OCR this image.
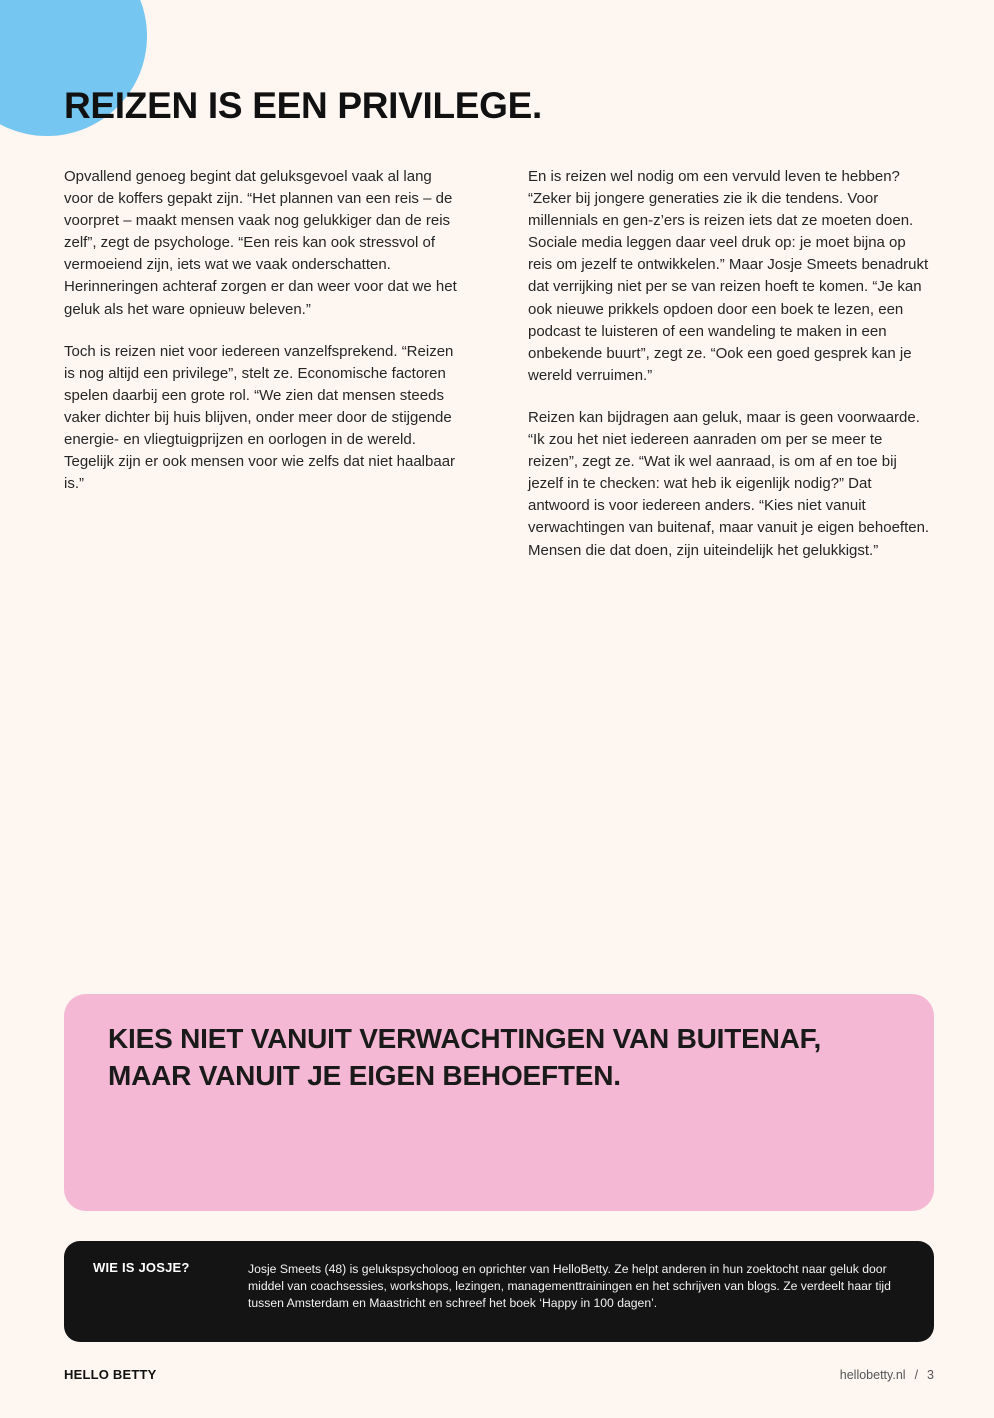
REIZEN IS EEN PRIVILEGE.

Opvallend genoeg begint dat geluksgevoel vaak al lang voor de koffers gepakt zijn. “Het plannen van een reis – de voorpret – maakt mensen vaak nog gelukkiger dan de reis zelf”, zegt de psychologe. “Een reis kan ook stressvol of vermoeiend zijn, iets wat we vaak onderschatten. Herinneringen achteraf zorgen er dan weer voor dat we het geluk als het ware opnieuw beleven.”

Toch is reizen niet voor iedereen vanzelfsprekend. “Reizen is nog altijd een privilege”, stelt ze. Economische factoren spelen daarbij een grote rol. “We zien dat mensen steeds vaker dichter bij huis blijven, onder meer door de stijgende energie- en vliegtuigprijzen en oorlogen in de wereld. Tegelijk zijn er ook mensen voor wie zelfs dat niet haalbaar is.”

En is reizen wel nodig om een vervuld leven te hebben? “Zeker bij jongere generaties zie ik die tendens. Voor millennials en gen-z’ers is reizen iets dat ze moeten doen. Sociale media leggen daar veel druk op: je moet bijna op reis om jezelf te ontwikkelen.” Maar Josje Smeets benadrukt dat verrijking niet per se van reizen hoeft te komen. “Je kan ook nieuwe prikkels opdoen door een boek te lezen, een podcast te luisteren of een wandeling te maken in een onbekende buurt”, zegt ze. “Ook een goed gesprek kan je wereld verruimen.”

Reizen kan bijdragen aan geluk, maar is geen voorwaarde. “Ik zou het niet iedereen aanraden om per se meer te reizen”, zegt ze. “Wat ik wel aanraad, is om af en toe bij jezelf in te checken: wat heb ik eigenlijk nodig?” Dat antwoord is voor iedereen anders. “Kies niet vanuit verwachtingen van buitenaf, maar vanuit je eigen behoeften. Mensen die dat doen, zijn uiteindelijk het gelukkigst.”

KIES NIET VANUIT VERWACHTINGEN VAN BUITENAF, MAAR VANUIT JE EIGEN BEHOEFTEN.

WIE IS JOSJE?	Josje Smeets (48) is gelukspsycholoog en oprichter van HelloBetty. Ze helpt anderen in hun zoektocht naar geluk door middel van coachsessies, workshops, lezingen, managementtrainingen en het schrijven van blogs. Ze verdeelt haar tijd tussen Amsterdam en Maastricht en schreef het boek ‘Happy in 100 dagen’.

HELLO BETTY	hellobetty.nl / 3
